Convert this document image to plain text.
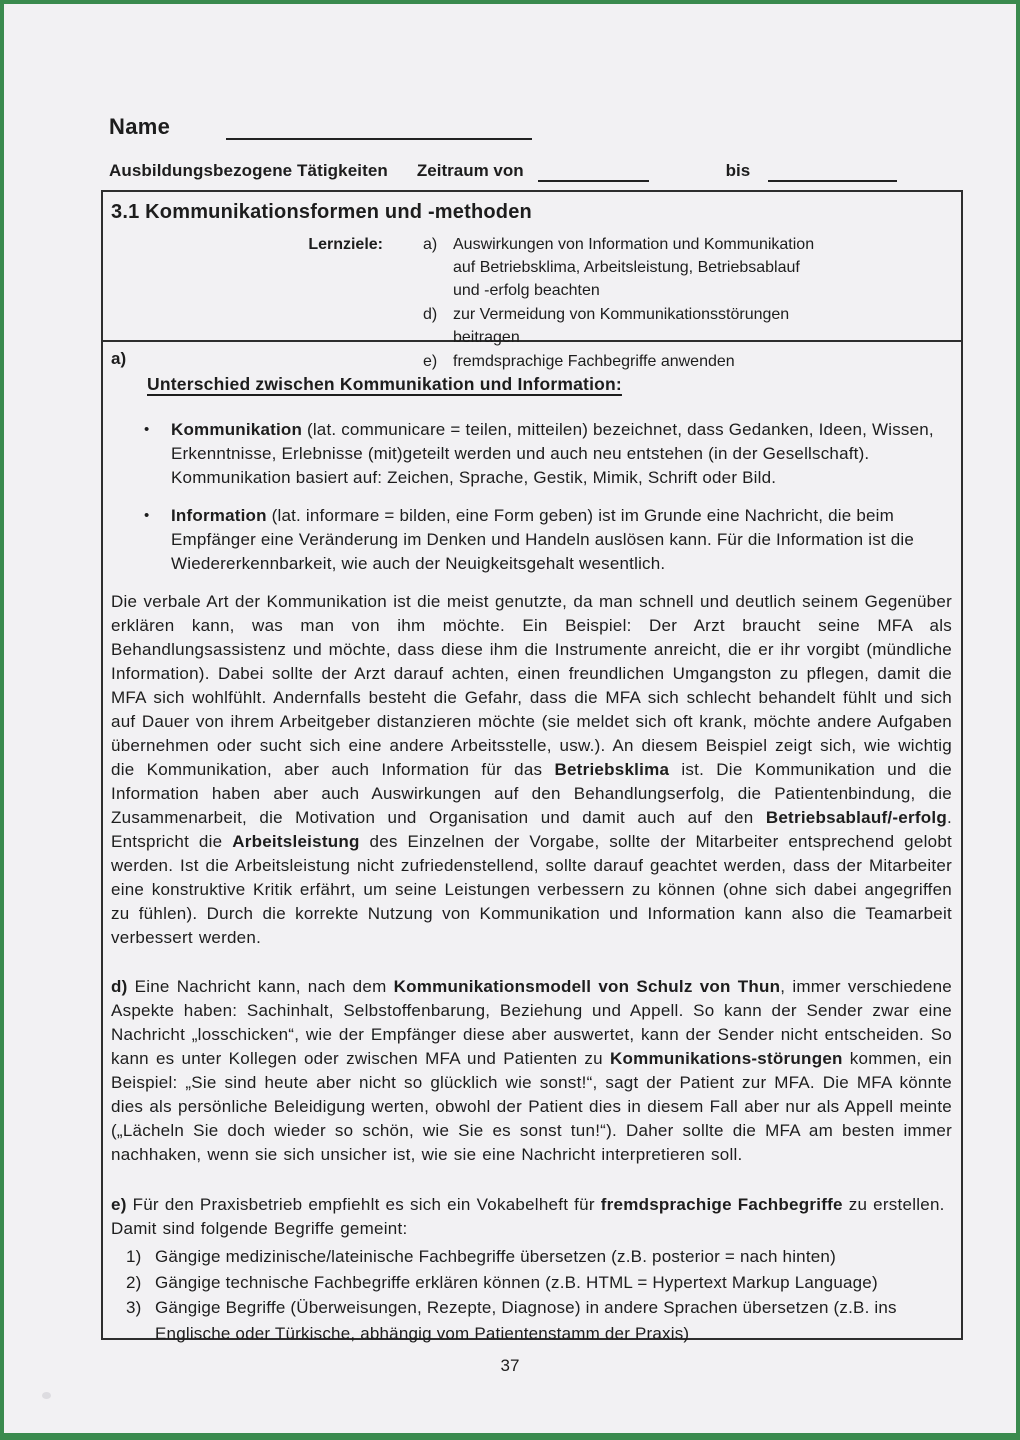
Name
Ausbildungsbezogene Tätigkeiten Zeitraum von	bis
3.1 Kommunikationsformen und -methoden
Lernziele:	a) Auswirkungen von Information und Kommunikation auf Betriebsklima, Arbeitsleistung, Betriebsablauf und -erfolg beachten
d) zur Vermeidung von Kommunikationsstörungen beitragen
e) fremdsprachige Fachbegriffe anwenden
a)
Unterschied zwischen Kommunikation und Information:
•	Kommunikation (lat. communicare = teilen, mitteilen) bezeichnet, dass Gedanken, Ideen, Wissen, Erkenntnisse, Erlebnisse (mit)geteilt werden und auch neu entstehen (in der Gesellschaft). Kommunikation basiert auf: Zeichen, Sprache, Gestik, Mimik, Schrift oder Bild.
•	Information (lat. informare = bilden, eine Form geben) ist im Grunde eine Nachricht, die beim Empfänger eine Veränderung im Denken und Handeln auslösen kann. Für die Information ist die Wiedererkennbarkeit, wie auch der Neuigkeitsgehalt wesentlich.

Die verbale Art der Kommunikation ist die meist genutzte, da man schnell und deutlich seinem Gegenüber erklären kann, was man von ihm möchte. Ein Beispiel: Der Arzt braucht seine MFA als Behandlungsassistenz und möchte, dass diese ihm die Instrumente anreicht, die er ihr vorgibt (mündliche Information). Dabei sollte der Arzt darauf achten, einen freundlichen Umgangston zu pflegen, damit die MFA sich wohlfühlt. Andernfalls besteht die Gefahr, dass die MFA sich schlecht behandelt fühlt und sich auf Dauer von ihrem Arbeitgeber distanzieren möchte (sie meldet sich oft krank, möchte andere Aufgaben übernehmen oder sucht sich eine andere Arbeitsstelle, usw.). An diesem Beispiel zeigt sich, wie wichtig die Kommunikation, aber auch Information für das Betriebsklima ist. Die Kommunikation und die Information haben aber auch Auswirkungen auf den Behandlungserfolg, die Patientenbindung, die Zusammenarbeit, die Motivation und Organisation und damit auch auf den Betriebsablauf/-erfolg. Entspricht die Arbeitsleistung des Einzelnen der Vorgabe, sollte der Mitarbeiter entsprechend gelobt werden. Ist die Arbeitsleistung nicht zufriedenstellend, sollte darauf geachtet werden, dass der Mitarbeiter eine konstruktive Kritik erfährt, um seine Leistungen verbessern zu können (ohne sich dabei angegriffen zu fühlen). Durch die korrekte Nutzung von Kommunikation und Information kann also die Teamarbeit verbessert werden.

d) Eine Nachricht kann, nach dem Kommunikationsmodell von Schulz von Thun, immer verschiedene Aspekte haben: Sachinhalt, Selbstoffenbarung, Beziehung und Appell. So kann der Sender zwar eine Nachricht „losschicken“, wie der Empfänger diese aber auswertet, kann der Sender nicht entscheiden. So kann es unter Kollegen oder zwischen MFA und Patienten zu Kommunikations-störungen kommen, ein Beispiel: „Sie sind heute aber nicht so glücklich wie sonst!“, sagt der Patient zur MFA. Die MFA könnte dies als persönliche Beleidigung werten, obwohl der Patient dies in diesem Fall aber nur als Appell meinte („Lächeln Sie doch wieder so schön, wie Sie es sonst tun!“). Daher sollte die MFA am besten immer nachhaken, wenn sie sich unsicher ist, wie sie eine Nachricht interpretieren soll.

e) Für den Praxisbetrieb empfiehlt es sich ein Vokabelheft für fremdsprachige Fachbegriffe zu erstellen. Damit sind folgende Begriffe gemeint:

1) Gängige medizinische/lateinische Fachbegriffe übersetzen (z.B. posterior = nach hinten)
2) Gängige technische Fachbegriffe erklären können (z.B. HTML = Hypertext Markup Language)
3) Gängige Begriffe (Überweisungen, Rezepte, Diagnose) in andere Sprachen übersetzen (z.B. ins Englische oder Türkische, abhängig vom Patientenstamm der Praxis)
37
